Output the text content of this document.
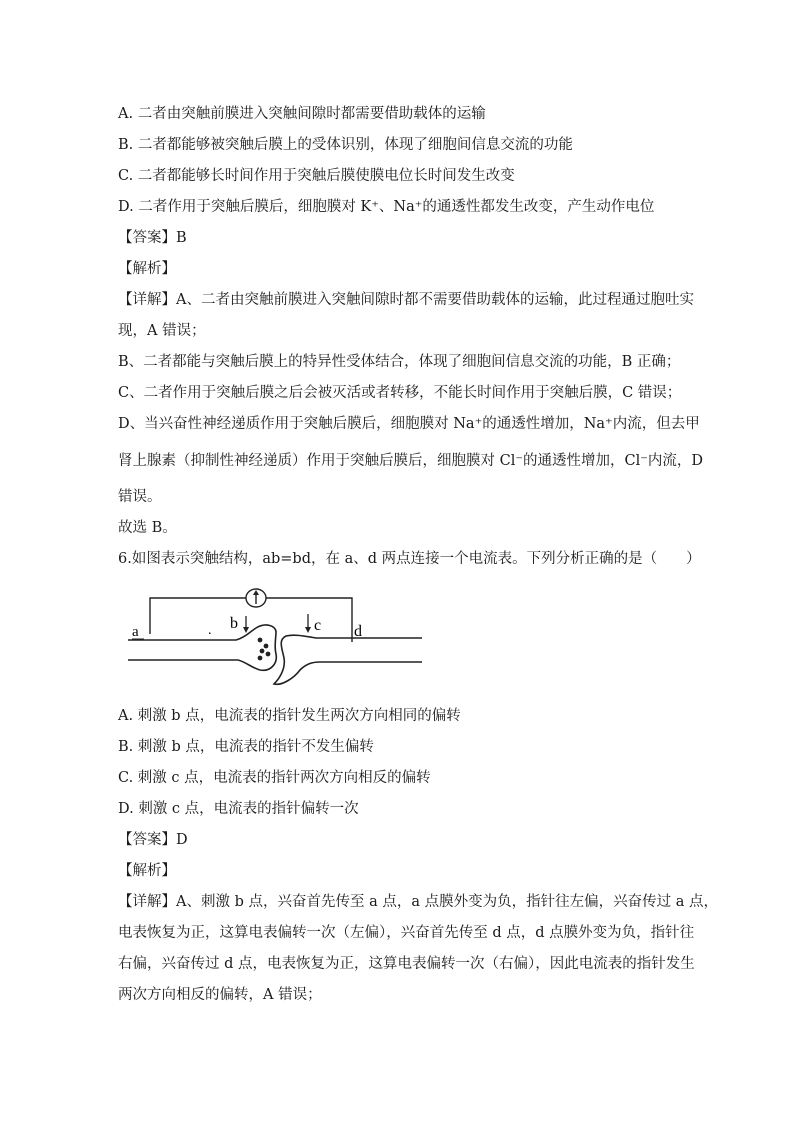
A. 二者由突触前膜进入突触间隙时都需要借助载体的运输
B. 二者都能够被突触后膜上的受体识别，体现了细胞间信息交流的功能
C. 二者都能够长时间作用于突触后膜使膜电位长时间发生改变
D. 二者作用于突触后膜后，细胞膜对 K⁺、Na⁺的通透性都发生改变，产生动作电位
【答案】B
【解析】
【详解】A、二者由突触前膜进入突触间隙时都不需要借助载体的运输，此过程通过胞吐实
现，A 错误；
B、二者都能与突触后膜上的特异性受体结合，体现了细胞间信息交流的功能，B 正确；
C、二者作用于突触后膜之后会被灭活或者转移，不能长时间作用于突触后膜，C 错误；
D、当兴奋性神经递质作用于突触后膜后，细胞膜对 Na⁺的通透性增加，Na⁺内流，但去甲
肾上腺素（抑制性神经递质）作用于突触后膜后，细胞膜对 Cl⁻的通透性增加，Cl⁻内流，D
错误。
故选 B。
6.如图表示突触结构，ab=bd，在 a、d 两点连接一个电流表。下列分析正确的是（　　）
a	. b	c d
A. 刺激 b 点，电流表的指针发生两次方向相同的偏转
B. 刺激 b 点，电流表的指针不发生偏转
C. 刺激 c 点，电流表的指针两次方向相反的偏转
D. 刺激 c 点，电流表的指针偏转一次
【答案】D
【解析】
【详解】A、刺激 b 点，兴奋首先传至 a 点，a 点膜外变为负，指针往左偏，兴奋传过 a 点，
电表恢复为正，这算电表偏转一次（左偏），兴奋首先传至 d 点，d 点膜外变为负，指针往
右偏，兴奋传过 d 点，电表恢复为正，这算电表偏转一次（右偏），因此电流表的指针发生
两次方向相反的偏转，A 错误；
